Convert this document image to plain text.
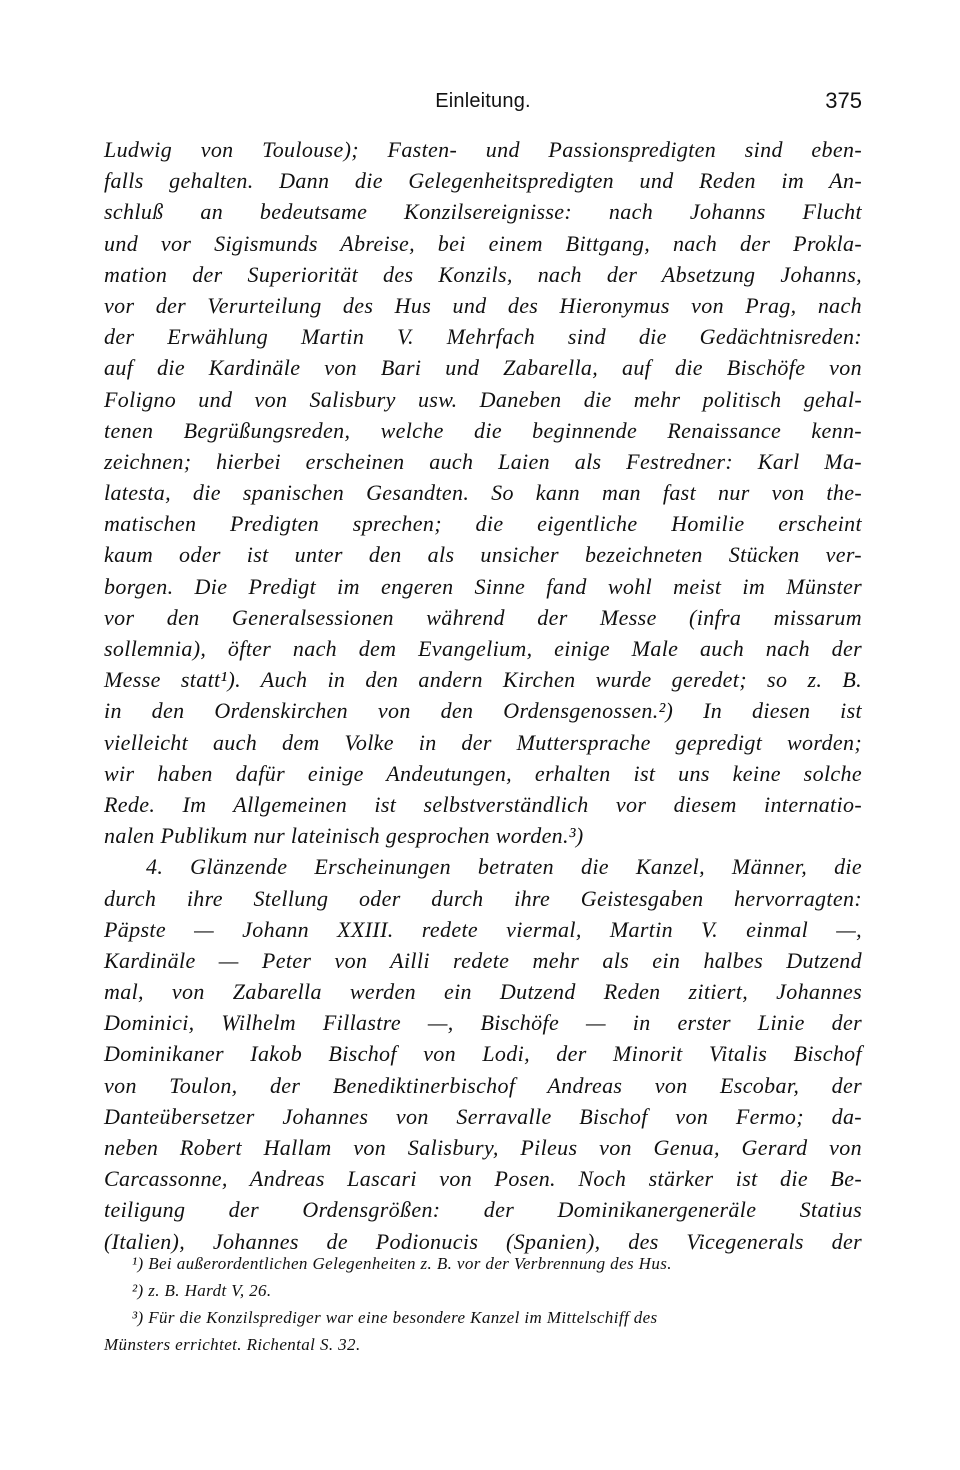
Einleitung.	375
Ludwig von Toulouse); Fasten- und Passionspredigten sind eben-
falls gehalten. Dann die Gelegenheitspredigten und Reden im An-
schluß an bedeutsame Konzilsereignisse: nach Johanns Flucht
und vor Sigismunds Abreise, bei einem Bittgang, nach der Prokla-
mation der Superiorität des Konzils, nach der Absetzung Johanns,
vor der Verurteilung des Hus und des Hieronymus von Prag, nach
der Erwählung Martin V. Mehrfach sind die Gedächtnisreden:
auf die Kardinäle von Bari und Zabarella, auf die Bischöfe von
Foligno und von Salisbury usw. Daneben die mehr politisch gehal-
tenen Begrüßungsreden, welche die beginnende Renaissance kenn-
zeichnen; hierbei erscheinen auch Laien als Festredner: Karl Ma-
latesta, die spanischen Gesandten. So kann man fast nur von the-
matischen Predigten sprechen; die eigentliche Homilie erscheint
kaum oder ist unter den als unsicher bezeichneten Stücken ver-
borgen. Die Predigt im engeren Sinne fand wohl meist im Münster
vor den Generalsessionen während der Messe (infra missarum
sollemnia), öfter nach dem Evangelium, einige Male auch nach der
Messe statt¹). Auch in den andern Kirchen wurde geredet; so z. B.
in den Ordenskirchen von den Ordensgenossen.²) In diesen ist
vielleicht auch dem Volke in der Muttersprache gepredigt worden;
wir haben dafür einige Andeutungen, erhalten ist uns keine solche
Rede. Im Allgemeinen ist selbstverständlich vor diesem internatio-
nalen Publikum nur lateinisch gesprochen worden.³)
4. Glänzende Erscheinungen betraten die Kanzel, Männer, die
durch ihre Stellung oder durch ihre Geistesgaben hervorragten:
Päpste — Johann XXIII. redete viermal, Martin V. einmal —,
Kardinäle — Peter von Ailli redete mehr als ein halbes Dutzend
mal, von Zabarella werden ein Dutzend Reden zitiert, Johannes
Dominici, Wilhelm Fillastre —, Bischöfe — in erster Linie der
Dominikaner Iakob Bischof von Lodi, der Minorit Vitalis Bischof
von Toulon, der Benediktinerbischof Andreas von Escobar, der
Danteübersetzer Johannes von Serravalle Bischof von Fermo; da-
neben Robert Hallam von Salisbury, Pileus von Genua, Gerard von
Carcassonne, Andreas Lascari von Posen. Noch stärker ist die Be-
teiligung der Ordensgrößen: der Dominikanergeneräle Statius
(Italien), Johannes de Podionucis (Spanien), des Vicegenerals der
¹) Bei außerordentlichen Gelegenheiten z. B. vor der Verbrennung des Hus.
²) z. B. Hardt V, 26.
³) Für die Konzilsprediger war eine besondere Kanzel im Mittelschiff des
Münsters errichtet. Richental S. 32.
